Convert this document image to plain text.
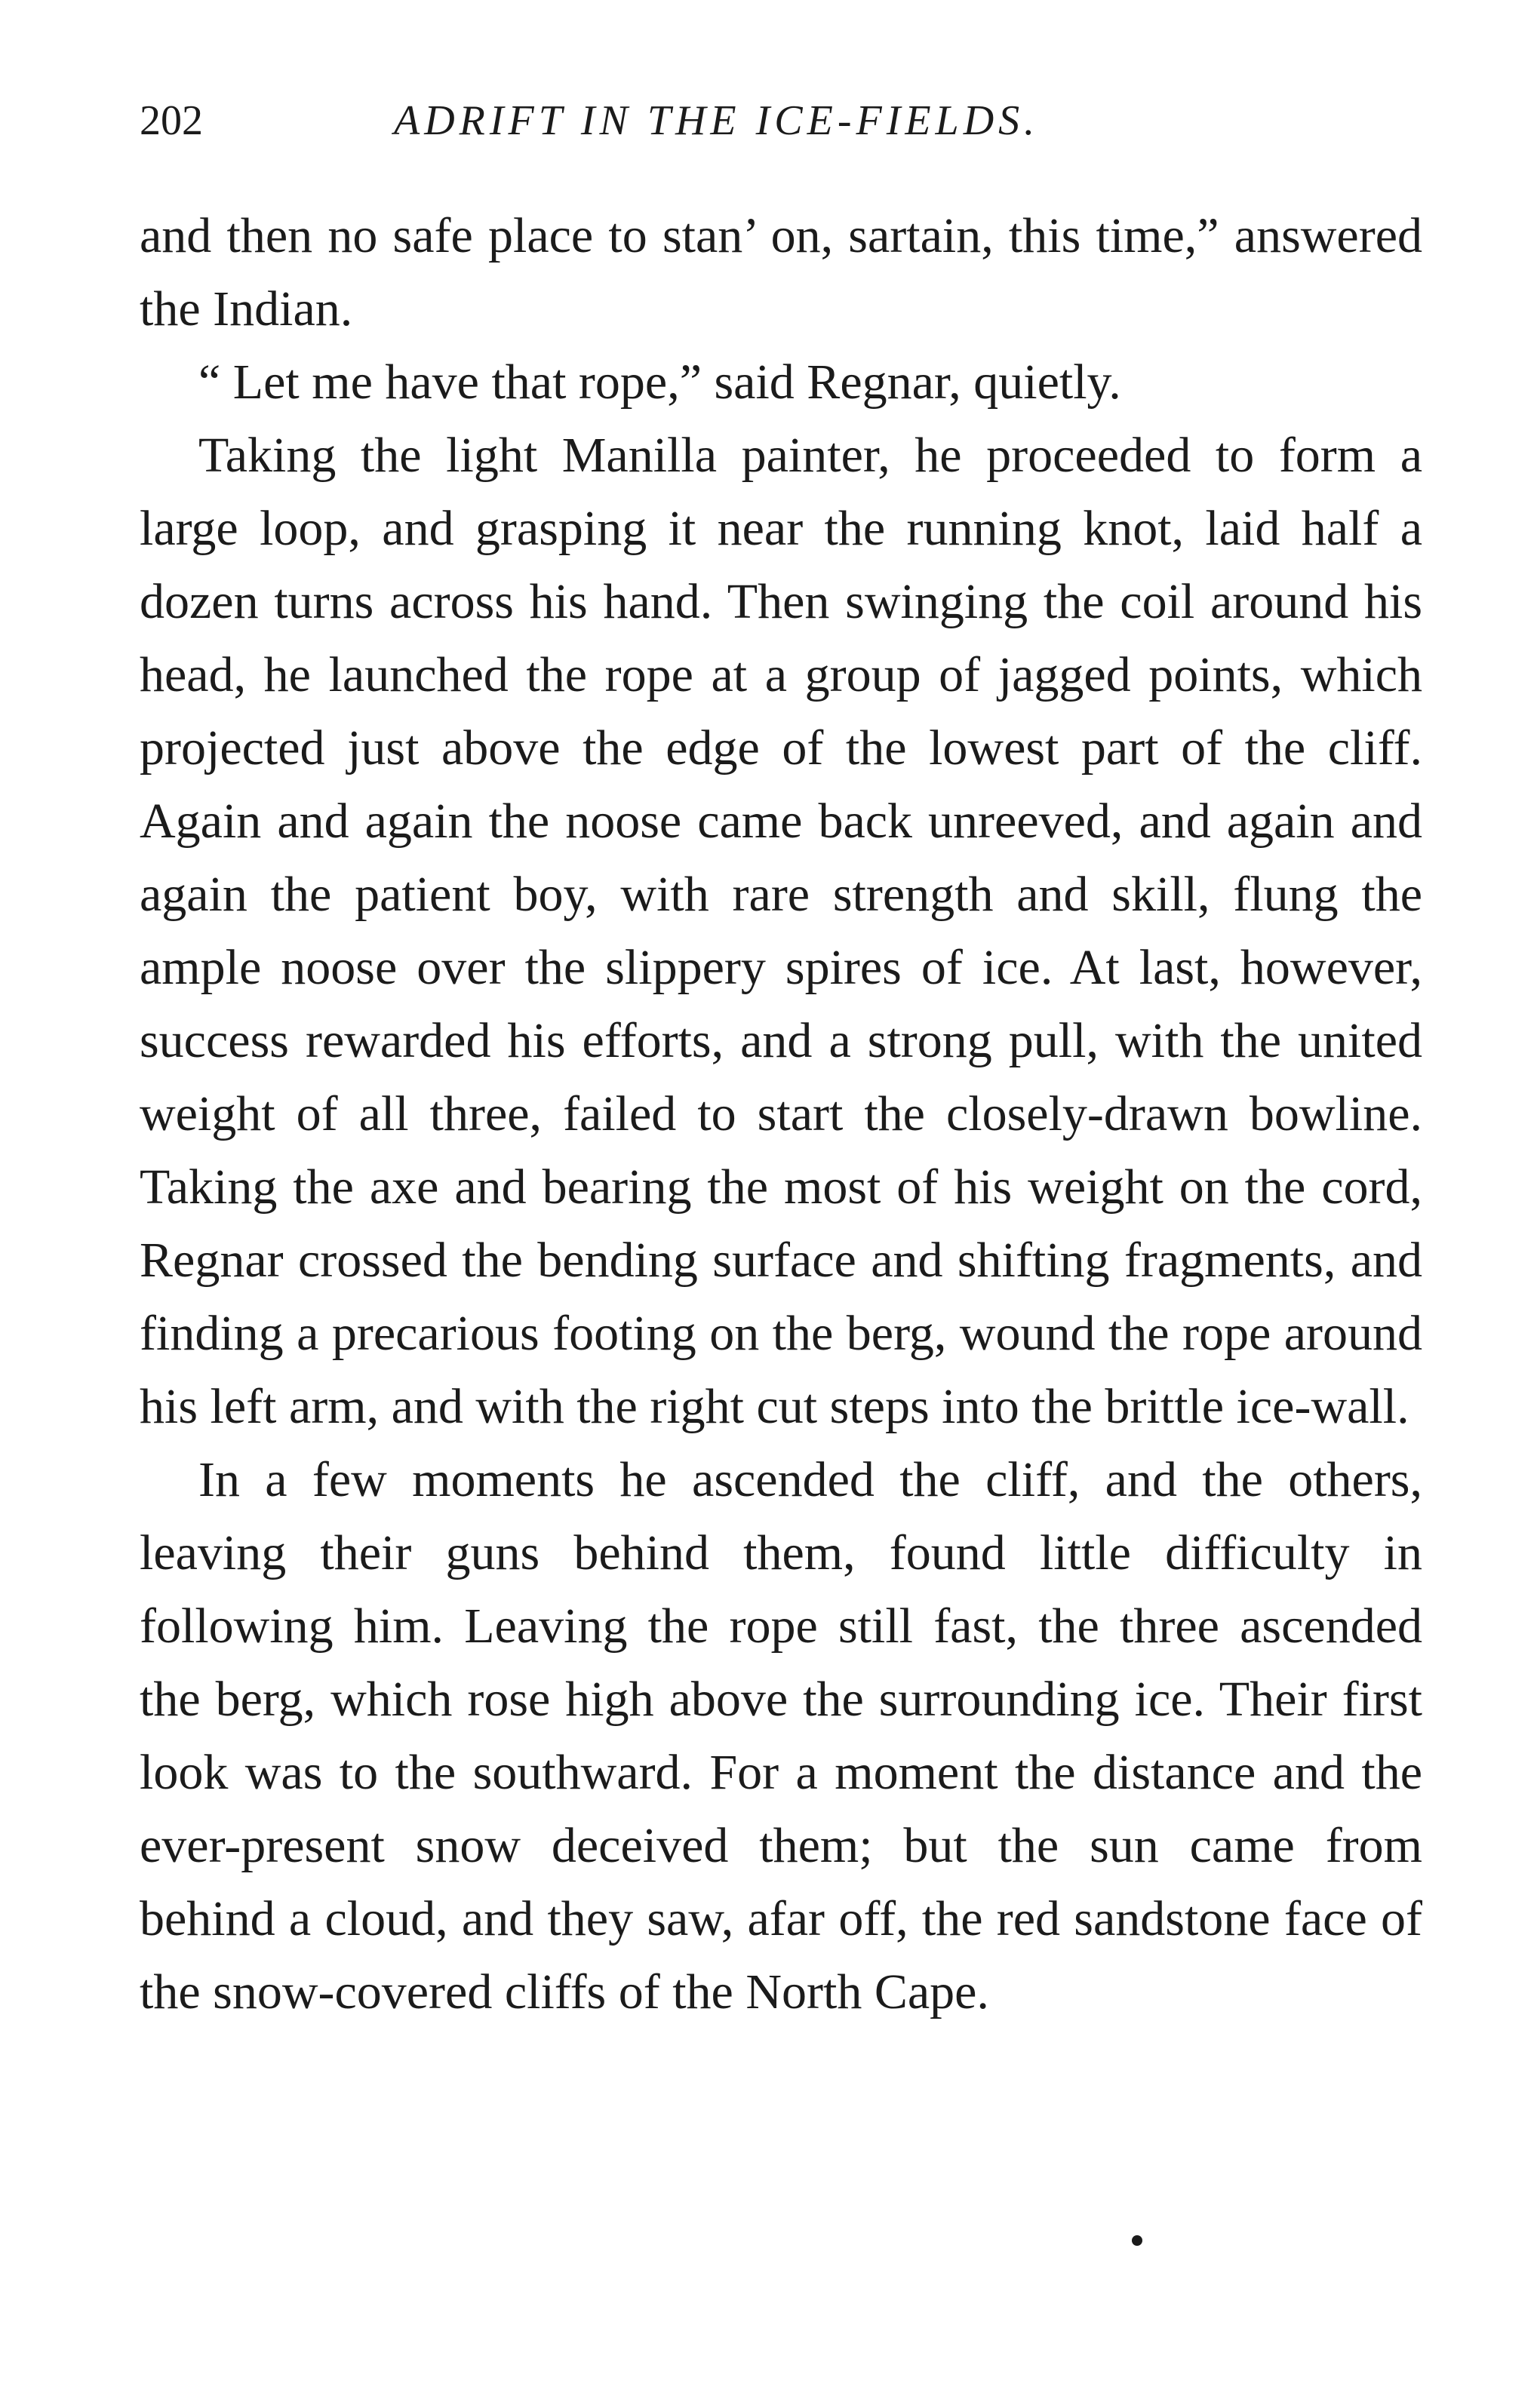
202	ADRIFT IN THE ICE-FIELDS.

and then no safe place to stan’ on, sartain, this time,” answered the Indian.

“ Let me have that rope,” said Regnar, quietly.

Taking the light Manilla painter, he proceeded to form a large loop, and grasping it near the running knot, laid half a dozen turns across his hand. Then swinging the coil around his head, he launched the rope at a group of jagged points, which projected just above the edge of the lowest part of the cliff. Again and again the noose came back unreeved, and again and again the patient boy, with rare strength and skill, flung the ample noose over the slippery spires of ice. At last, however, success rewarded his efforts, and a strong pull, with the united weight of all three, failed to start the closely-drawn bowline. Taking the axe and bearing the most of his weight on the cord, Regnar crossed the bending surface and shifting fragments, and finding a precarious footing on the berg, wound the rope around his left arm, and with the right cut steps into the brittle ice-wall.

In a few moments he ascended the cliff, and the others, leaving their guns behind them, found little difficulty in following him. Leaving the rope still fast, the three ascended the berg, which rose high above the surrounding ice. Their first look was to the southward. For a moment the distance and the ever-present snow deceived them; but the sun came from behind a cloud, and they saw, afar off, the red sandstone face of the snow-covered cliffs of the North Cape.
